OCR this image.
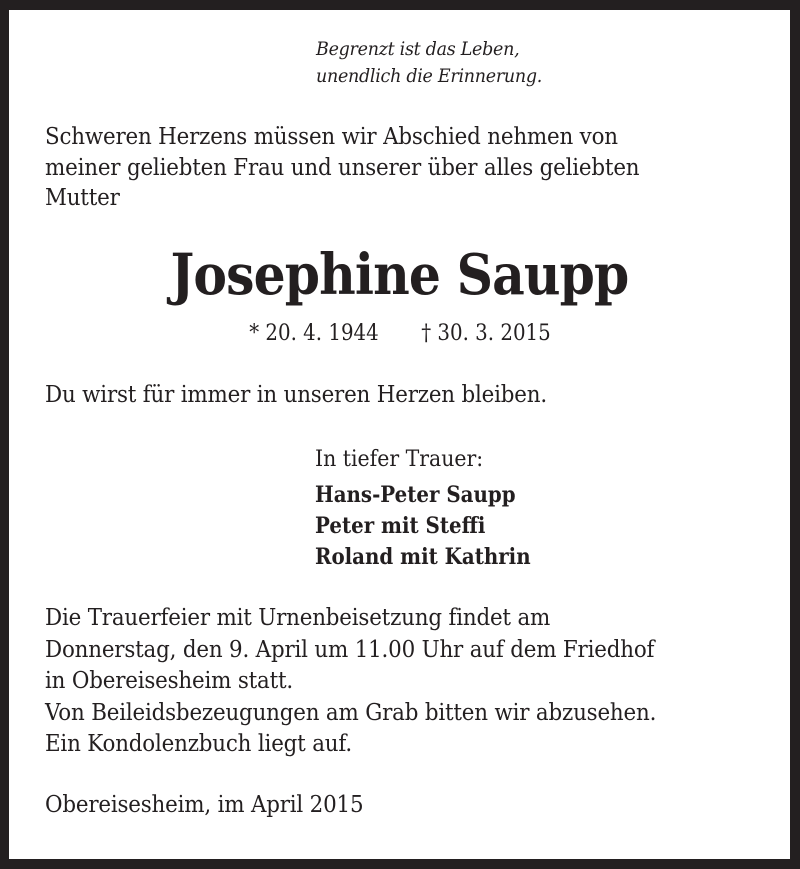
Begrenzt ist das Leben,
unendlich die Erinnerung.
Schweren Herzens müssen wir Abschied nehmen von
meiner geliebten Frau und unserer über alles geliebten
Mutter
Josephine Saupp
* 20. 4. 1944 † 30. 3. 2015
Du wirst für immer in unseren Herzen bleiben.
In tiefer Trauer:
Hans-Peter Saupp
Peter mit Steffi
Roland mit Kathrin
Die Trauerfeier mit Urnenbeisetzung findet am
Donnerstag, den 9. April um 11.00 Uhr auf dem Friedhof
in Obereisesheim statt.
Von Beileidsbezeugungen am Grab bitten wir abzusehen.
Ein Kondolenzbuch liegt auf.
Obereisesheim, im April 2015
